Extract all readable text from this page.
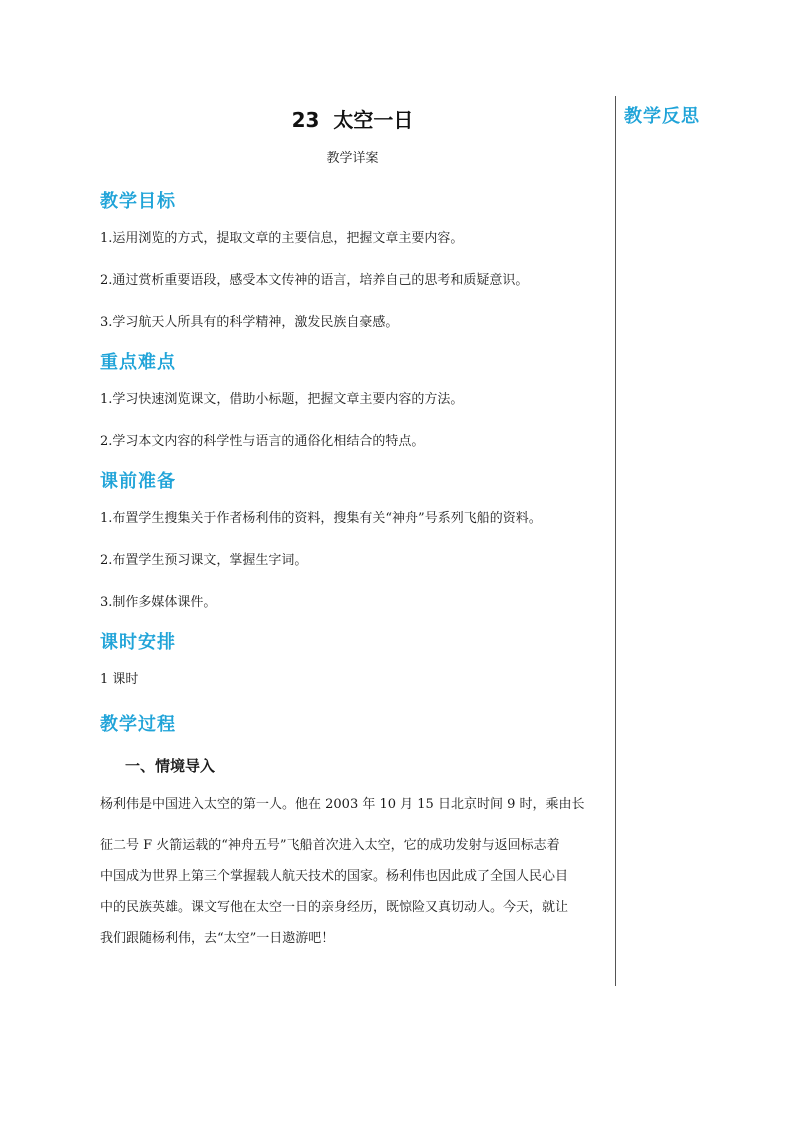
教学反思
23 太空一日
教学详案
教学目标
1.运用浏览的方式，提取文章的主要信息，把握文章主要内容。
2.通过赏析重要语段，感受本文传神的语言，培养自己的思考和质疑意识。
3.学习航天人所具有的科学精神，激发民族自豪感。
重点难点
1.学习快速浏览课文，借助小标题，把握文章主要内容的方法。
2.学习本文内容的科学性与语言的通俗化相结合的特点。
课前准备
1.布置学生搜集关于作者杨利伟的资料，搜集有关“神舟”号系列飞船的资料。
2.布置学生预习课文，掌握生字词。
3.制作多媒体课件。
课时安排
1 课时
教学过程
一、情境导入
杨利伟是中国进入太空的第一人。他在 2003 年 10 月 15 日北京时间 9 时，乘由长
征二号 F 火箭运载的“神舟五号”飞船首次进入太空，它的成功发射与返回标志着
中国成为世界上第三个掌握载人航天技术的国家。杨利伟也因此成了全国人民心目
中的民族英雄。课文写他在太空一日的亲身经历，既惊险又真切动人。今天，就让
我们跟随杨利伟，去“太空”一日遨游吧！
